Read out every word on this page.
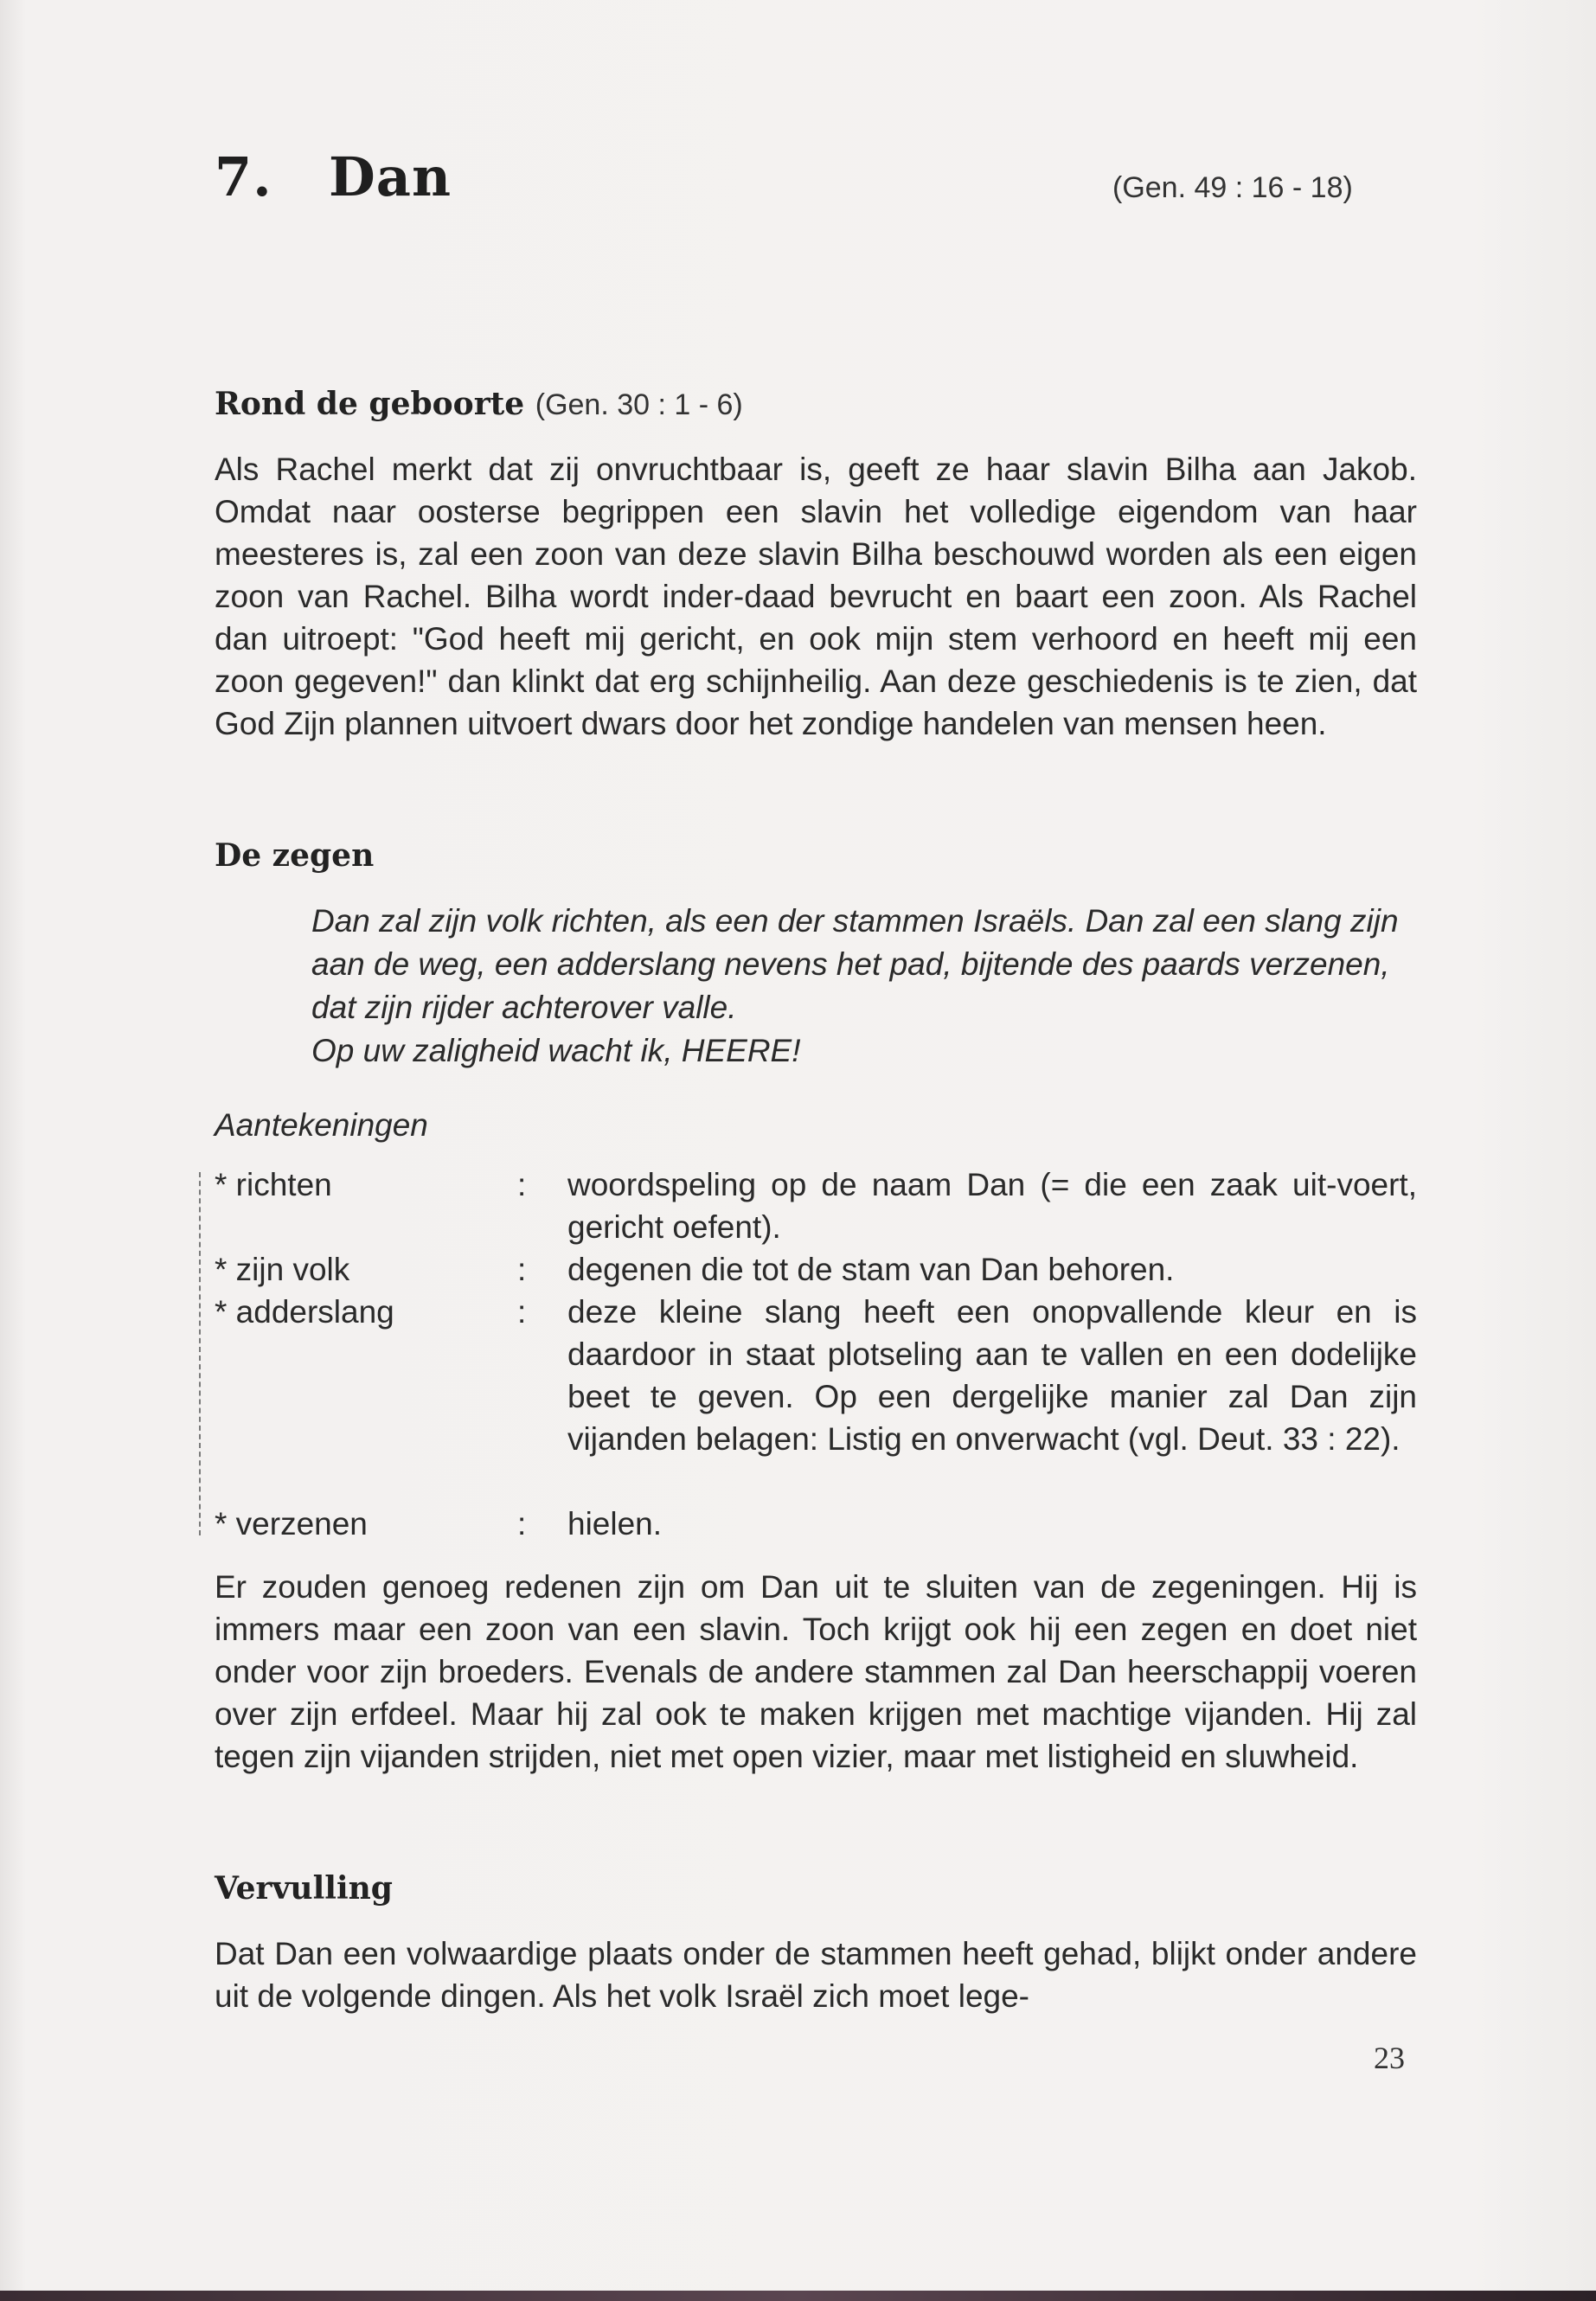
7. Dan	(Gen. 49 : 16 - 18)
Rond de geboorte (Gen. 30 : 1 - 6)
Als Rachel merkt dat zij onvruchtbaar is, geeft ze haar slavin Bilha aan Jakob. Omdat naar oosterse begrippen een slavin het volledige eigendom van haar meesteres is, zal een zoon van deze slavin Bilha beschouwd worden als een eigen zoon van Rachel. Bilha wordt inder-daad bevrucht en baart een zoon. Als Rachel dan uitroept: "God heeft mij gericht, en ook mijn stem verhoord en heeft mij een zoon gegeven!" dan klinkt dat erg schijnheilig. Aan deze geschiedenis is te zien, dat God Zijn plannen uitvoert dwars door het zondige handelen van mensen heen.
De zegen
Dan zal zijn volk richten, als een der stammen Israëls. Dan zal een slang zijn aan de weg, een adderslang nevens het pad, bijtende des paards verzenen, dat zijn rijder achterover valle.
Op uw zaligheid wacht ik, HEERE!
Aantekeningen
* richten	: woordspeling op de naam Dan (= die een zaak uit-voert, gericht oefent).
* zijn volk	: degenen die tot de stam van Dan behoren.
* adderslang	: deze kleine slang heeft een onopvallende kleur en is daardoor in staat plotseling aan te vallen en een dodelijke beet te geven. Op een dergelijke manier zal Dan zijn vijanden belagen: Listig en onverwacht (vgl. Deut. 33 : 22).
* verzenen	: hielen.
Er zouden genoeg redenen zijn om Dan uit te sluiten van de zegeningen. Hij is immers maar een zoon van een slavin. Toch krijgt ook hij een zegen en doet niet onder voor zijn broeders. Evenals de andere stammen zal Dan heerschappij voeren over zijn erfdeel. Maar hij zal ook te maken krijgen met machtige vijanden. Hij zal tegen zijn vijanden strijden, niet met open vizier, maar met listigheid en sluwheid.
Vervulling
Dat Dan een volwaardige plaats onder de stammen heeft gehad, blijkt onder andere uit de volgende dingen. Als het volk Israël zich moet lege-
23
